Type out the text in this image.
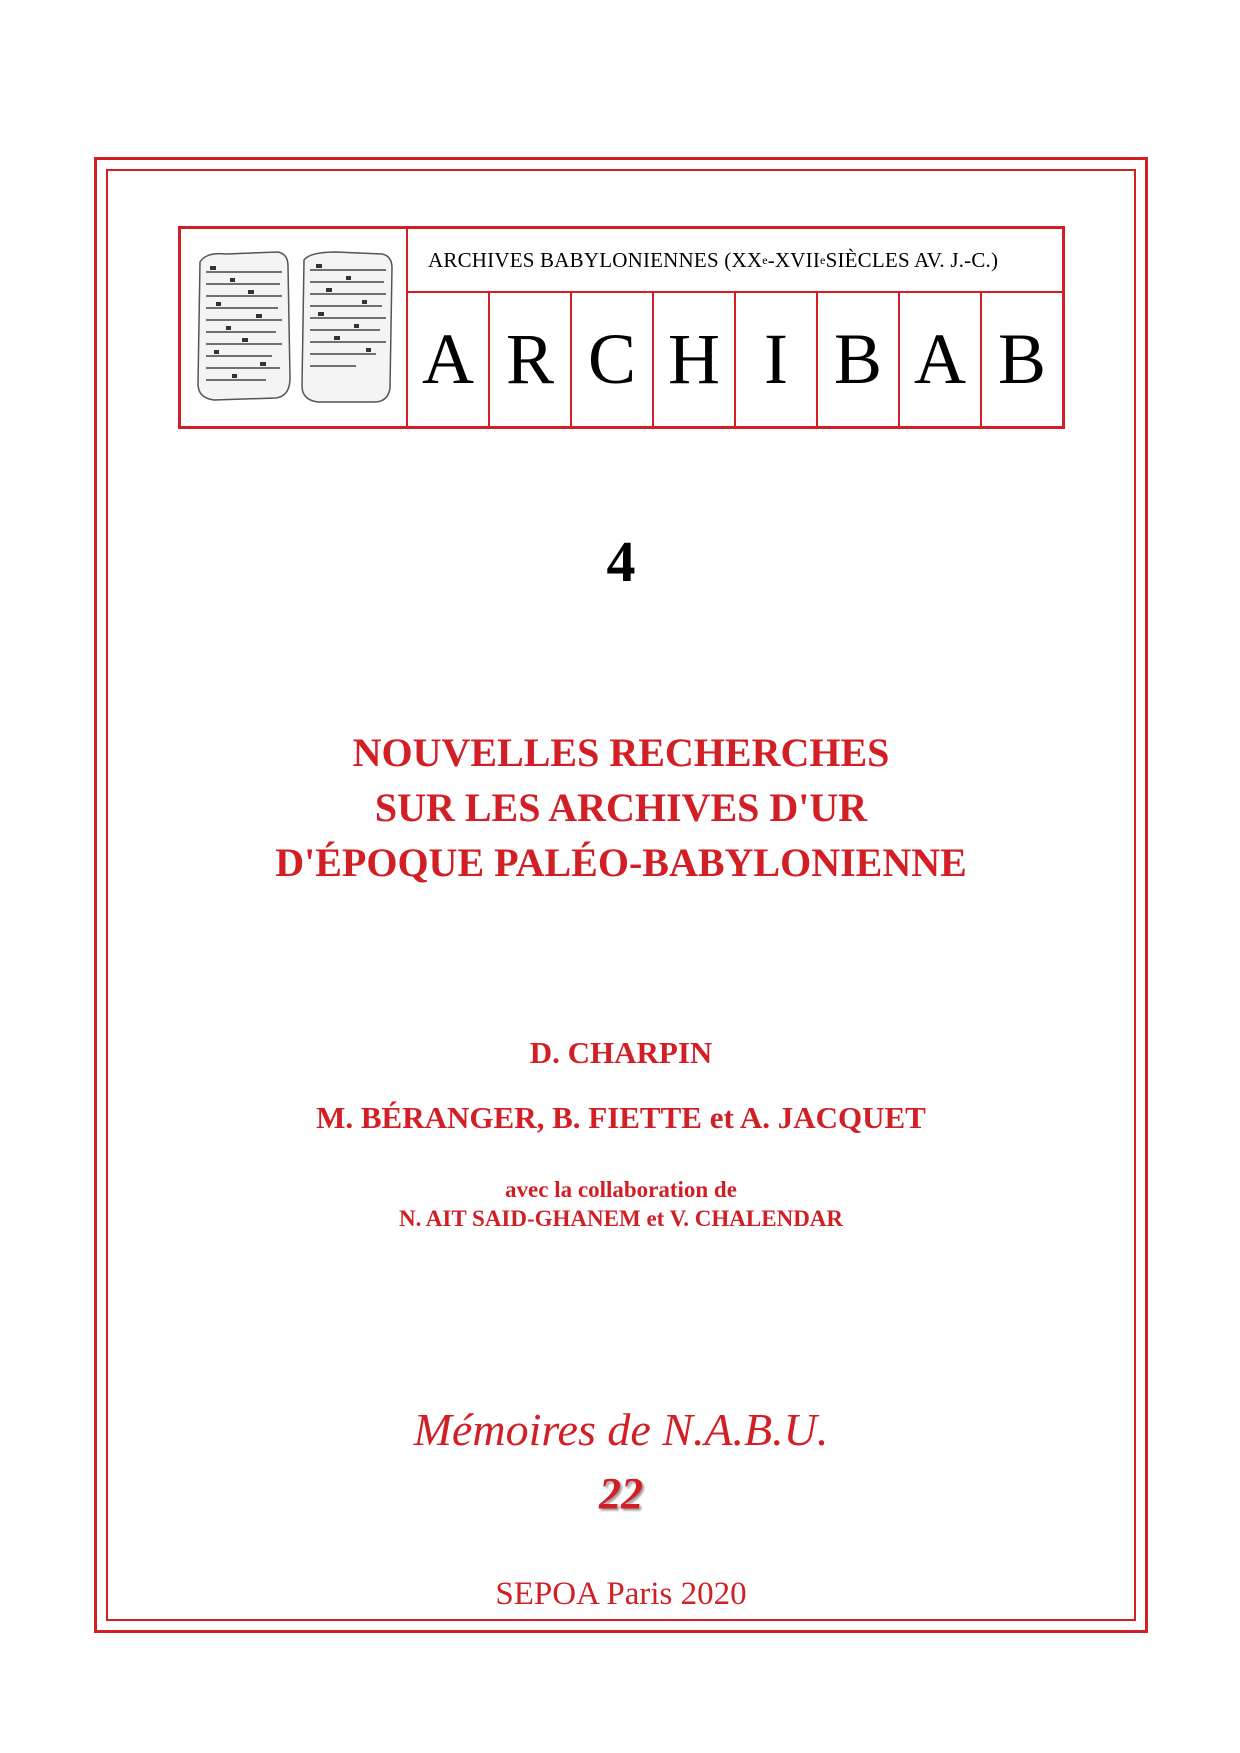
ARCHIVES BABYLONIENNES (XX e -XVII e SIÈCLES AV. J.-C.)
A R C H I B A B
4
NOUVELLES RECHERCHES
SUR LES ARCHIVES D'UR
D'ÉPOQUE PALÉO-BABYLONIENNE
D. CHARPIN
M. BÉRANGER, B. FIETTE et A. JACQUET
avec la collaboration de
N. AIT SAID-GHANEM et V. CHALENDAR
Mémoires de N.A.B.U.
22
SEPOA Paris 2020
